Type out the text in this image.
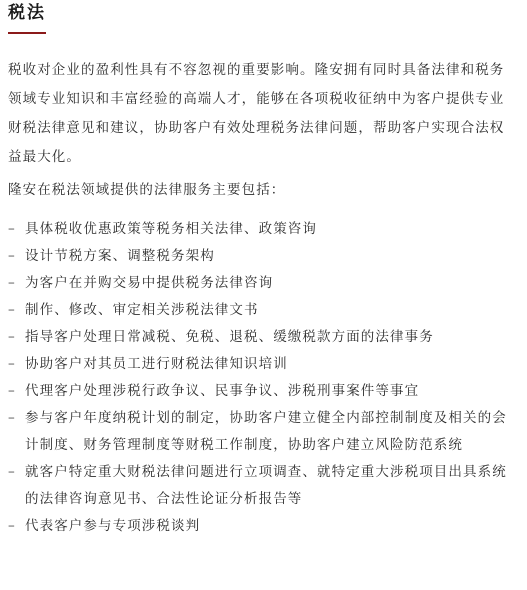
税法

税收对企业的盈利性具有不容忽视的重要影响。隆安拥有同时具备法律和税务领域专业知识和丰富经验的高端人才，能够在各项税收征纳中为客户提供专业财税法律意见和建议，协助客户有效处理税务法律问题，帮助客户实现合法权益最大化。

隆安在税法领域提供的法律服务主要包括：

– 具体税收优惠政策等税务相关法律、政策咨询
– 设计节税方案、调整税务架构
– 为客户在并购交易中提供税务法律咨询
– 制作、修改、审定相关涉税法律文书
– 指导客户处理日常减税、免税、退税、缓缴税款方面的法律事务
– 协助客户对其员工进行财税法律知识培训
– 代理客户处理涉税行政争议、民事争议、涉税刑事案件等事宜
– 参与客户年度纳税计划的制定，协助客户建立健全内部控制制度及相关的会计制度、财务管理制度等财税工作制度，协助客户建立风险防范系统
– 就客户特定重大财税法律问题进行立项调查、就特定重大涉税项目出具系统的法律咨询意见书、合法性论证分析报告等
– 代表客户参与专项涉税谈判
